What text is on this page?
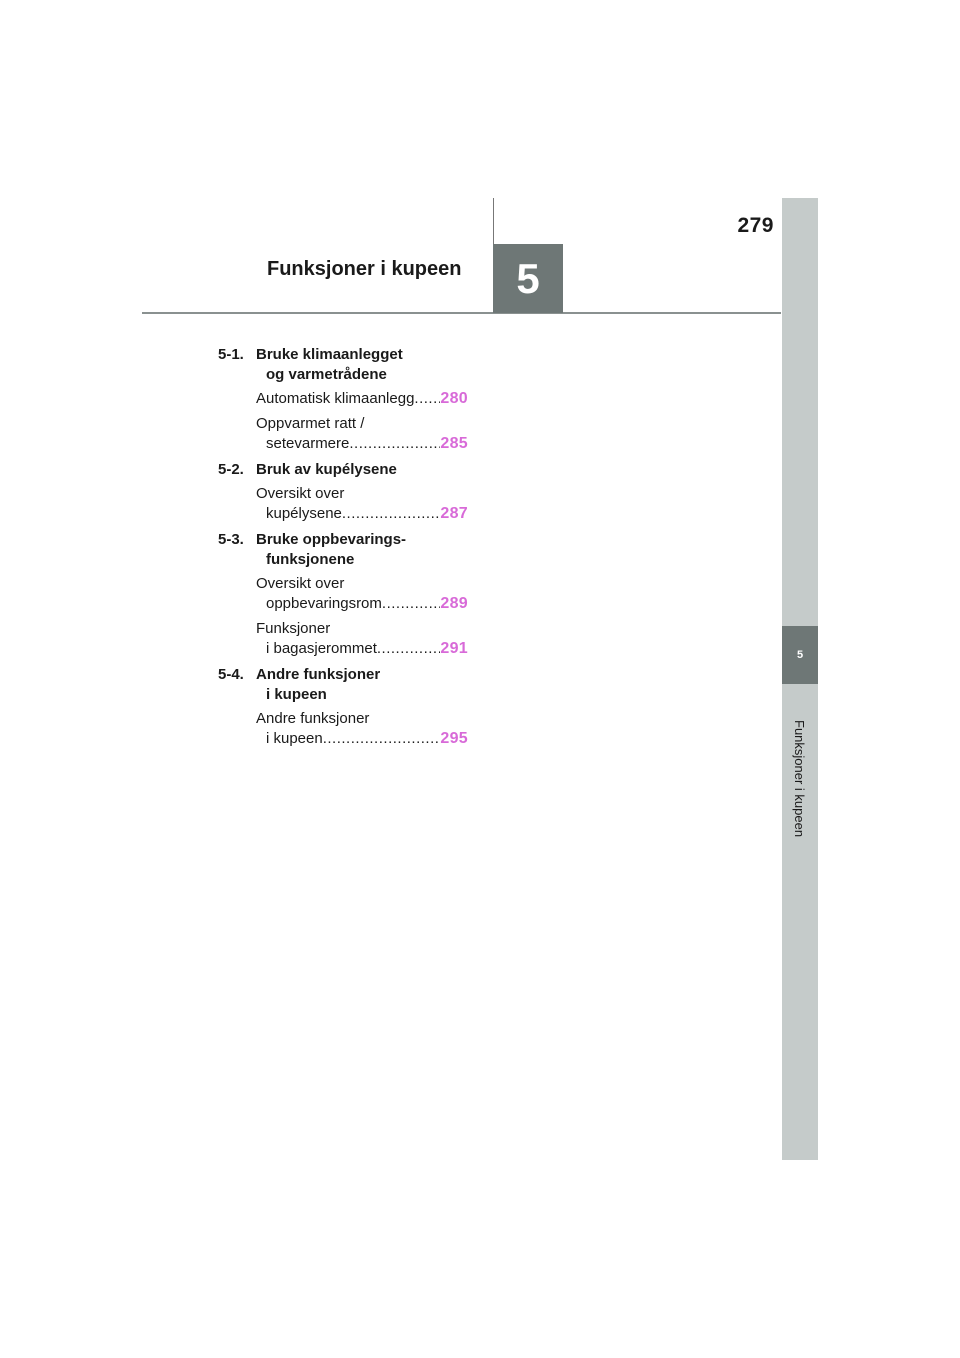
279
Funksjoner i kupeen 5
5
Funksjoner i kupeen
5-1. Bruke klimaanlegget
og varmetrådene
Automatisk klimaanlegg ..... 280
Oppvarmet ratt /
setevarmere .....	285
5-2. Bruk av kupélysene
Oversikt over
kupélysene .....	287
5-3. Bruke oppbevarings-
funksjonene
Oversikt over
oppbevaringsrom .....	289
Funksjoner
i bagasjerommet .....	291
5-4. Andre funksjoner
i kupeen
Andre funksjoner
i kupeen .....	295
